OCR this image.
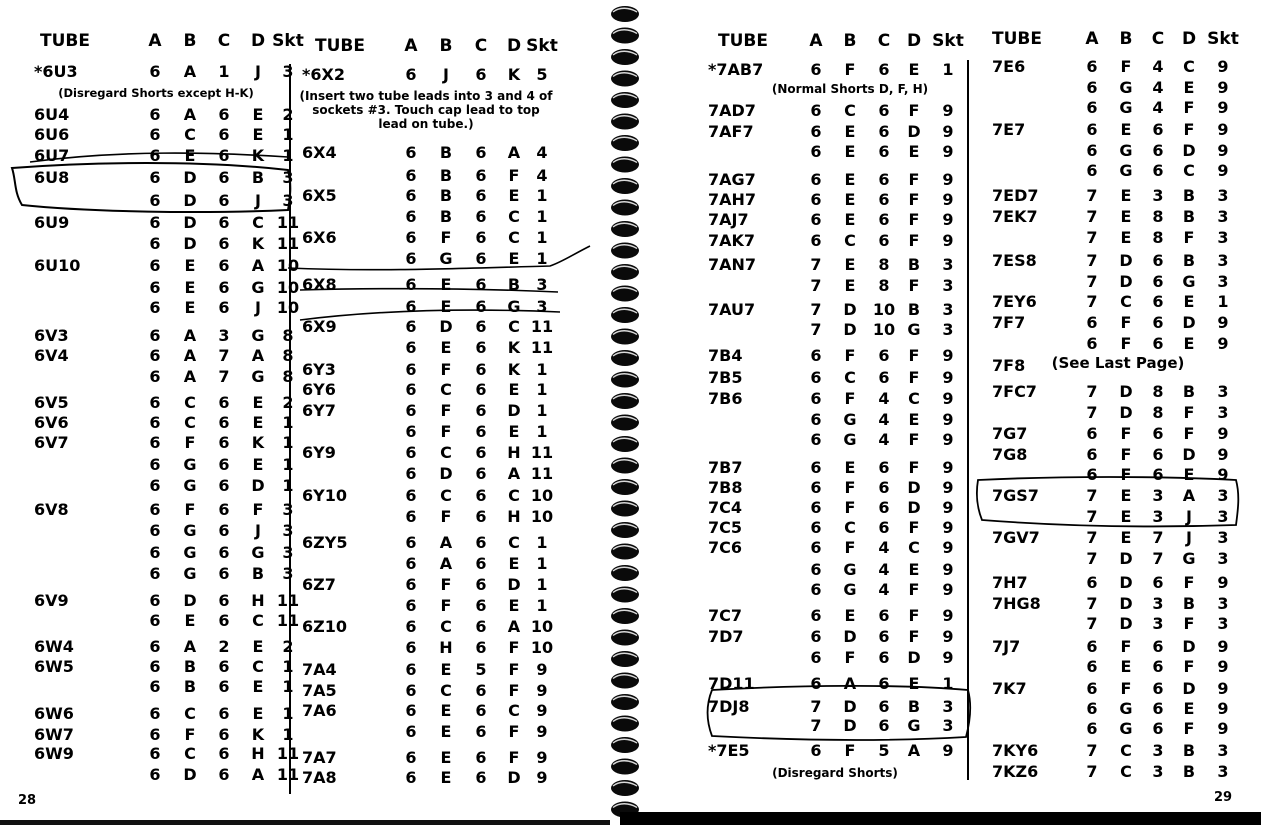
28	29
TUBE	A B C D Skt
*6U3	6 A 1 J 3
6U4	6 A 6 E 2
6U6	6 C 6 E 1
6U7	6 E 6 K 1
6U8	6 D 6 B 3
6 D 6 J 3
6U9	6 D 6 C 11
6 D 6 K 11
6U10	6 E 6 A 10
6 E 6 G 10
6 E 6 J 10
6V3	6 A 3 G 8
6V4	6 A 7 A 8
6 A 7 G 8
6V5	6 C 6 E 2
6V6	6 C 6 E 1
6V7	6 F 6 K 1
6 G 6 E 1
6 G 6 D 1
6V8	6 F 6 F 3
6 G 6 J 3
6 G 6 G 3
6 G 6 B 3
6V9	6 D 6 H 11
6 E 6 C 11
6W4	6 A 2 E 2
6W5	6 B 6 C 1
6 B 6 E 1
6W6	6 C 6 E 1
6W7	6 F 6 K 1
6W9	6 C 6 H 11
6 D 6 A 11
TUBE A B C D Skt
*6X2	6 J 6 K 5
6X4	6 B 6 A 4
6 B 6 F 4
6X5	6 B 6 E 1
6 B 6 C 1
6X6	6 F 6 C 1
6 G 6 E 1
6X8	6 E 6 B 3
6 E 6 G 3
6X9	6 D 6 C 11
6 E 6 K 11
6Y3	6 F 6 K 1
6Y6	6 C 6 E 1
6Y7	6 F 6 D 1
6 F 6 E 1
6Y9	6 C 6 H 11
6 D 6 A 11
6Y10	6 C 6 C 10
6 F 6 H 10
6ZY5	6 A 6 C 1
6 A 6 E 1
6Z7	6 F 6 D 1
6 F 6 E 1
6Z10	6 C 6 A 10
6 H 6 F 10
7A4	6 E 5 F 9
7A5	6 C 6 F 9
7A6	6 E 6 C 9
6 E 6 F 9
7A7	6 E 6 F 9
7A8	6 E 6 D 9
TUBE A B C D Skt
*7AB7	6 F 6 E 1
7AD7	6 C 6 F 9
7AF7	6 E 6 D 9
6 E 6 E 9
7AG7	6 E 6 F 9
7AH7	6 E 6 F 9
7AJ7	6 E 6 F 9
7AK7	6 C 6 F 9
7AN7	7 E 8 B 3
7 E 8 F 3
7AU7	7 D 10 B 3
7 D 10 G 3
7B4	6 F 6 F 9
7B5	6 C 6 F 9
7B6	6 F 4 C 9
6 G 4 E 9
6 G 4 F 9
7B7	6 E 6 F 9
7B8	6 F 6 D 9
7C4	6 F 6 D 9
7C5	6 C 6 F 9
7C6	6 F 4 C 9
6 G 4 E 9
6 G 4 F 9
7C7	6 E 6 F 9
7D7	6 D 6 F 9
6 F 6 D 9
7D11	6 A 6 E 1
7DJ8	7 D 6 B 3
7 D 6 G 3
*7E5	6 F 5 A 9
TUBE	A B C D Skt
7E6	6 F 4 C 9
6 G 4 E 9
6 G 4 F 9
7E7	6 E 6 F 9
6 G 6 D 9
6 G 6 C 9
7ED7	7 E 3 B 3
7EK7	7 E 8 B 3
7 E 8 F 3
7ES8	7 D 6 B 3
7 D 6 G 3
7EY6	7 C 6 E 1
7F7	6 F 6 D 9
6 F 6 E 9
7F8
7FC7	7 D 8 B 3
7 D 8 F 3
7G7	6 F 6 F 9
7G8	6 F 6 D 9
6 F 6 E 9
7GS7	7 E 3 A 3
7 E 3 J 3
7GV7	7 E 7 J 3
7 D 7 G 3
7H7	6 D 6 F 9
7HG8	7 D 3 B 3
7 D 3 F 3
7J7	6 F 6 D 9
6 E 6 F 9
7K7	6 F 6 D 9
6 G 6 E 9
6 G 6 F 9
7KY6	7 C 3 B 3
7KZ6	7 C 3 B 3
(Disregard Shorts except H-K)	(Insert two tube leads into 3 and 4 of sockets #3. Touch cap lead to top lead on tube.)
(Normal Shorts D, F, H)
(Disregard Shorts)
(See Last Page)
